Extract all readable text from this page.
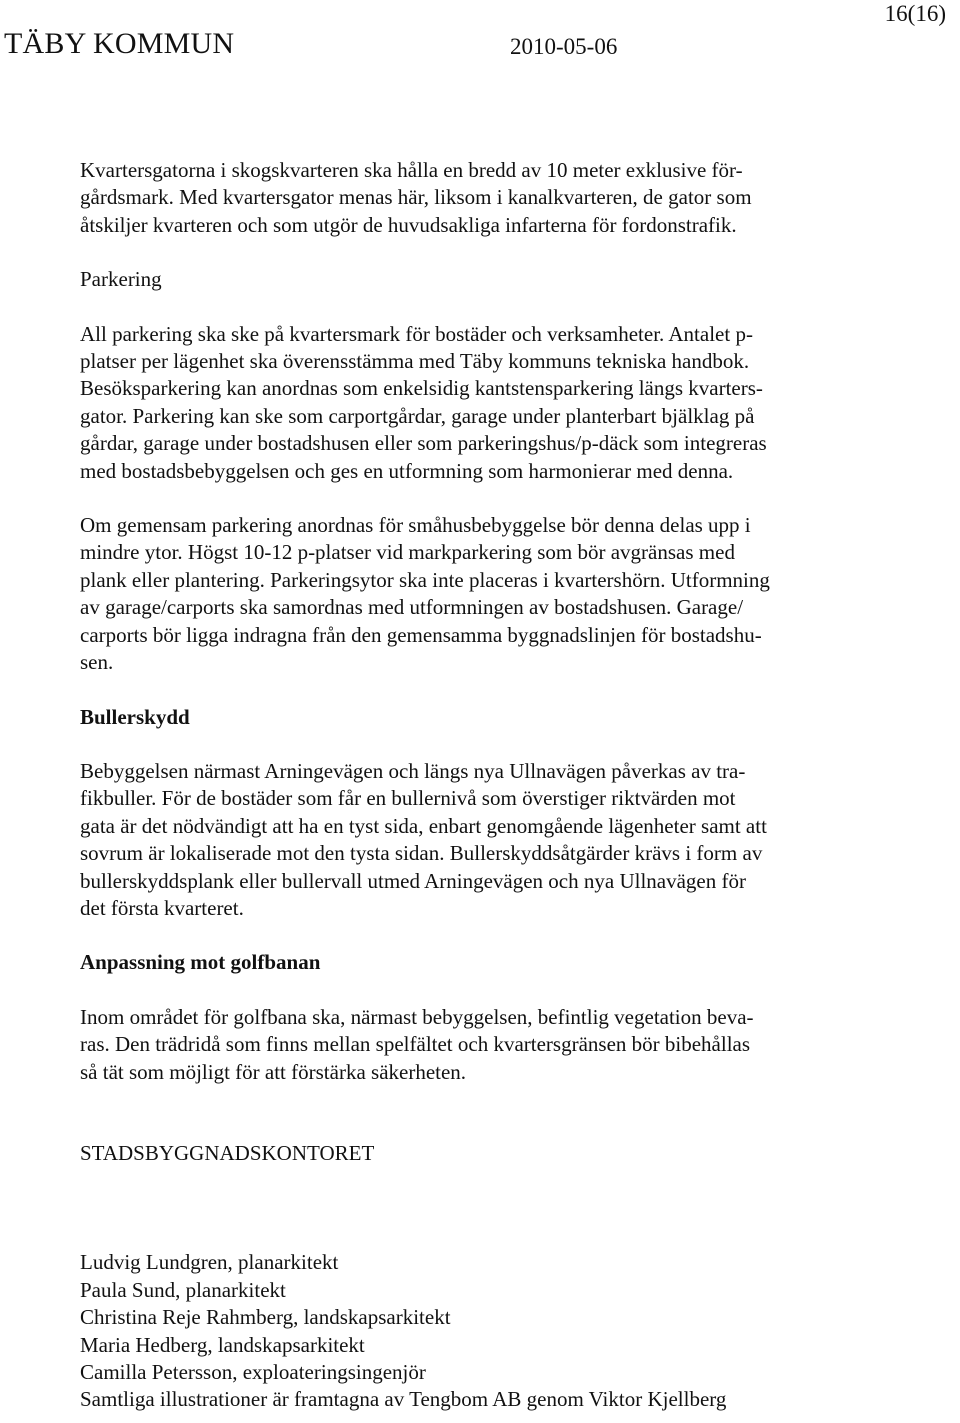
16(16)
TÄBY KOMMUN	2010-05-06

Kvartersgatorna i skogskvarteren ska hålla en bredd av 10 meter exklusive för-
gårdsmark. Med kvartersgator menas här, liksom i kanalkvarteren, de gator som
åtskiljer kvarteren och som utgör de huvudsakliga infarterna för fordonstrafik.

Parkering

All parkering ska ske på kvartersmark för bostäder och verksamheter. Antalet p-
platser per lägenhet ska överensstämma med Täby kommuns tekniska handbok.
Besöksparkering kan anordnas som enkelsidig kantstensparkering längs kvarters-
gator. Parkering kan ske som carportgårdar, garage under planterbart bjälklag på
gårdar, garage under bostadshusen eller som parkeringshus/p-däck som integreras
med bostadsbebyggelsen och ges en utformning som harmonierar med denna.

Om gemensam parkering anordnas för småhusbebyggelse bör denna delas upp i
mindre ytor. Högst 10-12 p-platser vid markparkering som bör avgränsas med
plank eller plantering. Parkeringsytor ska inte placeras i kvartershörn. Utformning
av garage/carports ska samordnas med utformningen av bostadshusen. Garage/
carports bör ligga indragna från den gemensamma byggnadslinjen för bostadshu-
sen.

Bullerskydd

Bebyggelsen närmast Arningevägen och längs nya Ullnavägen påverkas av tra-
fikbuller. För de bostäder som får en bullernivå som överstiger riktvärden mot
gata är det nödvändigt att ha en tyst sida, enbart genomgående lägenheter samt att
sovrum är lokaliserade mot den tysta sidan. Bullerskyddsåtgärder krävs i form av
bullerskyddsplank eller bullervall utmed Arningevägen och nya Ullnavägen för
det första kvarteret.

Anpassning mot golfbanan

Inom området för golfbana ska, närmast bebyggelsen, befintlig vegetation beva-
ras. Den trädridå som finns mellan spelfältet och kvartersgränsen bör bibehållas
så tät som möjligt för att förstärka säkerheten.

STADSBYGGNADSKONTORET

Ludvig Lundgren, planarkitekt
Paula Sund, planarkitekt
Christina Reje Rahmberg, landskapsarkitekt
Maria Hedberg, landskapsarkitekt
Camilla Petersson, exploateringsingenjör
Samtliga illustrationer är framtagna av Tengbom AB genom Viktor Kjellberg
